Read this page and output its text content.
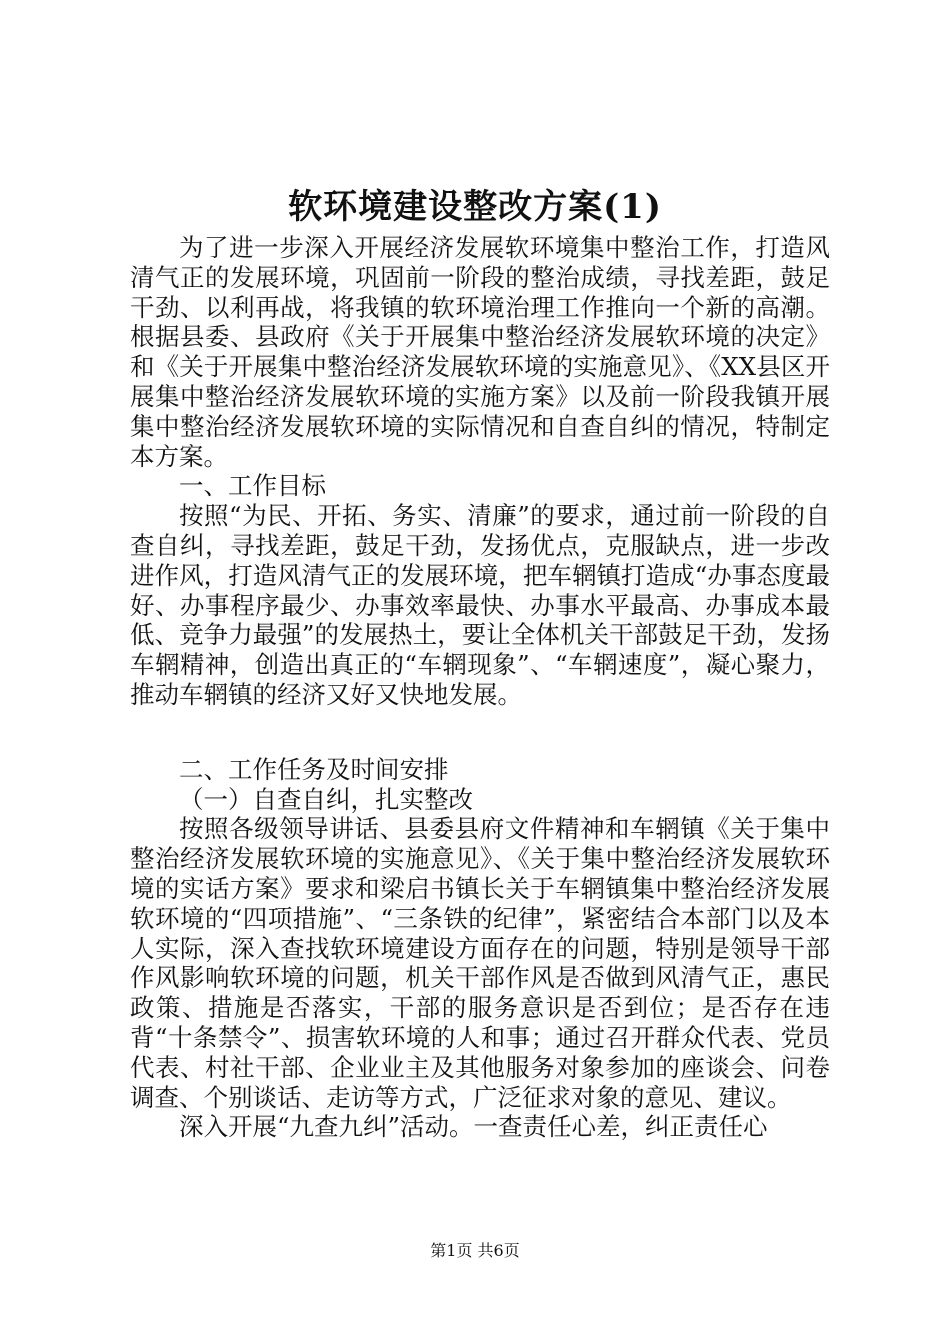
软环境建设整改方案(1)

为了进一步深入开展经济发展软环境集中整治工作，打造风清气正的发展环境，巩固前一阶段的整治成绩，寻找差距，鼓足干劲、以利再战，将我镇的软环境治理工作推向一个新的高潮。根据县委、县政府《关于开展集中整治经济发展软环境的决定》和《关于开展集中整治经济发展软环境的实施意见》、《XX县区开展集中整治经济发展软环境的实施方案》以及前一阶段我镇开展集中整治经济发展软环境的实际情况和自查自纠的情况，特制定本方案。

一、工作目标

按照“为民、开拓、务实、清廉”的要求，通过前一阶段的自查自纠，寻找差距，鼓足干劲，发扬优点，克服缺点，进一步改进作风，打造风清气正的发展环境，把车辋镇打造成“办事态度最好、办事程序最少、办事效率最快、办事水平最高、办事成本最低、竞争力最强”的发展热土，要让全体机关干部鼓足干劲，发扬车辋精神，创造出真正的“车辋现象”、“车辋速度”，凝心聚力，推动车辋镇的经济又好又快地发展。

二、工作任务及时间安排

（一）自查自纠，扎实整改

按照各级领导讲话、县委县府文件精神和车辋镇《关于集中整治经济发展软环境的实施意见》、《关于集中整治经济发展软环境的实话方案》要求和梁启书镇长关于车辋镇集中整治经济发展软环境的“四项措施”、“三条铁的纪律”，紧密结合本部门以及本人实际，深入查找软环境建设方面存在的问题，特别是领导干部作风影响软环境的问题，机关干部作风是否做到风清气正，惠民政策、措施是否落实，干部的服务意识是否到位；是否存在违背“十条禁令”、损害软环境的人和事；通过召开群众代表、党员代表、村社干部、企业业主及其他服务对象参加的座谈会、问卷调查、个别谈话、走访等方式，广泛征求对象的意见、建议。

深入开展“九查九纠”活动。一查责任心差，纠正责任心

第1页 共6页
